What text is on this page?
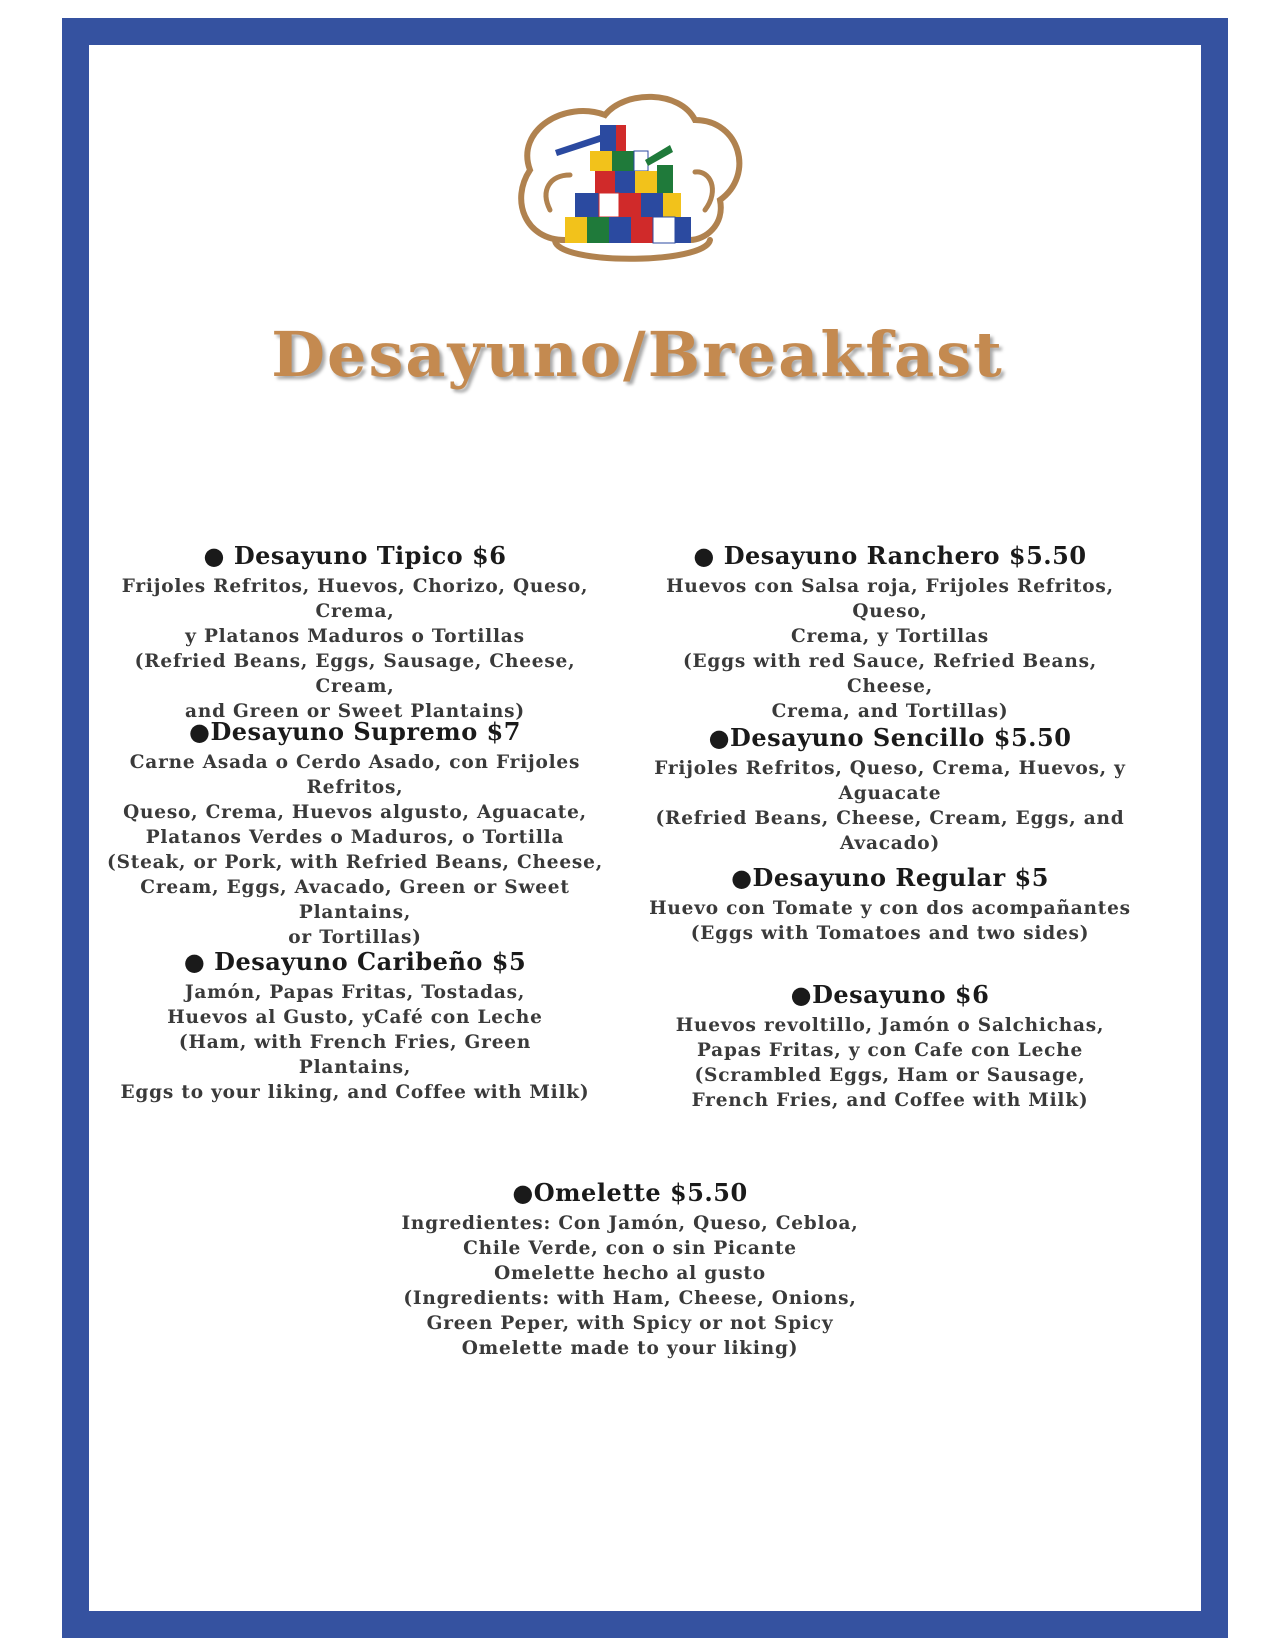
Desayuno/Breakfast
● Desayuno Tipico $6

Frijoles Refritos, Huevos, Chorizo, Queso, Crema,

y Platanos Maduros o Tortillas

(Refried Beans, Eggs, Sausage, Cheese, Cream,

and Green or Sweet Plantains)

● Desayuno Ranchero $5.50

Huevos con Salsa roja, Frijoles Refritos, Queso,

Crema, y Tortillas

(Eggs with red Sauce, Refried Beans, Cheese,

Crema, and Tortillas)

●Desayuno Supremo $7

Carne Asada o Cerdo Asado, con Frijoles Refritos,

Queso, Crema, Huevos algusto, Aguacate,

Platanos Verdes o Maduros, o Tortilla

(Steak, or Pork, with Refried Beans, Cheese,

Cream, Eggs, Avacado, Green or Sweet Plantains,

or Tortillas)

●Desayuno Sencillo $5.50

Frijoles Refritos, Queso, Crema, Huevos, y Aguacate

(Refried Beans, Cheese, Cream, Eggs, and Avacado)

●Desayuno Regular $5

Huevo con Tomate y con dos acompañantes

(Eggs with Tomatoes and two sides)

● Desayuno Caribeño $5

Jamón, Papas Fritas, Tostadas,

Huevos al Gusto, yCafé con Leche

(Ham, with French Fries, Green Plantains,

Eggs to your liking, and Coffee with Milk)

●Desayuno $6

Huevos revoltillo, Jamón o Salchichas,

Papas Fritas, y con Cafe con Leche

(Scrambled Eggs, Ham or Sausage,

French Fries, and Coffee with Milk)

●Omelette $5.50

Ingredientes: Con Jamón, Queso, Cebloa,

Chile Verde, con o sin Picante

Omelette hecho al gusto

(Ingredients: with Ham, Cheese, Onions,

Green Peper, with Spicy or not Spicy

Omelette made to your liking)
